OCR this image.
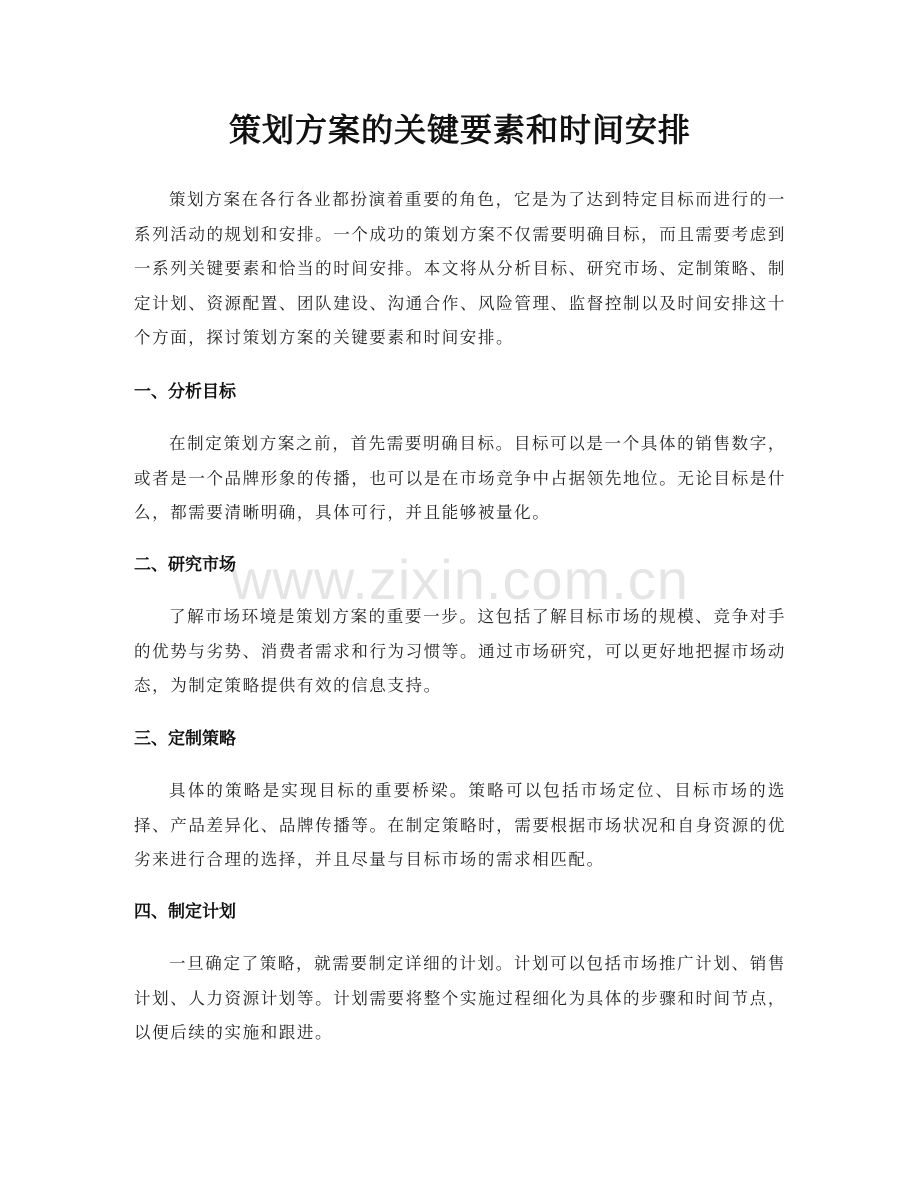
策划方案的关键要素和时间安排
策划方案在各行各业都扮演着重要的角色，它是为了达到特定目标而进行的一系列活动的规划和安排。一个成功的策划方案不仅需要明确目标，而且需要考虑到一系列关键要素和恰当的时间安排。本文将从分析目标、研究市场、定制策略、制定计划、资源配置、团队建设、沟通合作、风险管理、监督控制以及时间安排这十个方面，探讨策划方案的关键要素和时间安排。
一、分析目标
在制定策划方案之前，首先需要明确目标。目标可以是一个具体的销售数字，或者是一个品牌形象的传播，也可以是在市场竞争中占据领先地位。无论目标是什么，都需要清晰明确，具体可行，并且能够被量化。
二、研究市场
了解市场环境是策划方案的重要一步。这包括了解目标市场的规模、竞争对手的优势与劣势、消费者需求和行为习惯等。通过市场研究，可以更好地把握市场动态，为制定策略提供有效的信息支持。
三、定制策略
具体的策略是实现目标的重要桥梁。策略可以包括市场定位、目标市场的选择、产品差异化、品牌传播等。在制定策略时，需要根据市场状况和自身资源的优劣来进行合理的选择，并且尽量与目标市场的需求相匹配。
四、制定计划
一旦确定了策略，就需要制定详细的计划。计划可以包括市场推广计划、销售计划、人力资源计划等。计划需要将整个实施过程细化为具体的步骤和时间节点，以便后续的实施和跟进。
www.zixin.com.cn
